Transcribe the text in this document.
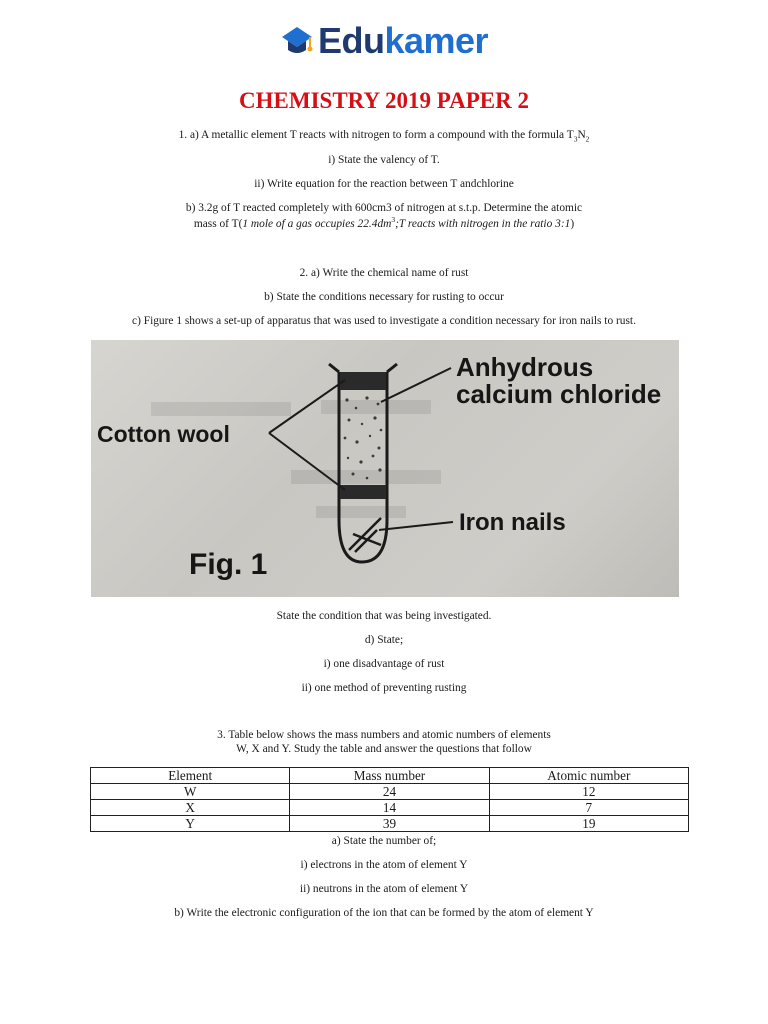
Edukamer
CHEMISTRY 2019 PAPER 2
1. a) A metallic element T reacts with nitrogen to form a compound with the formula $T_3N_2$
i) State the valency of T.
ii) Write equation for the reaction between T andchlorine
b) 3.2g of T reacted completely with 600cm3 of nitrogen at s.t.p. Determine the atomic
mass of T(1 mole of a gas occupies $22.4dm^3;T$ reacts with nitrogen in the ratio 3:1)
2. a) Write the chemical name of rust
b) State the conditions necessary for rusting to occur
c) Figure 1 shows a set-up of apparatus that was used to investigate a condition necessary for iron nails to rust.
Anhydrous
calcium chloride
Cotton wool
Iron nails
Fig. 1
State the condition that was being investigated.
d) State;
i) one disadvantage of rust
ii) one method of preventing rusting
3. Table below shows the mass numbers and atomic numbers of elements
W, X and Y. Study the table and answer the questions that follow
Element	Mass number	Atomic number
W	24	12
X	14	7
Y	39	19
a) State the number of;
i) electrons in the atom of element Y
ii) neutrons in the atom of element Y
b) Write the electronic configuration of the ion that can be formed by the atom of element Y
